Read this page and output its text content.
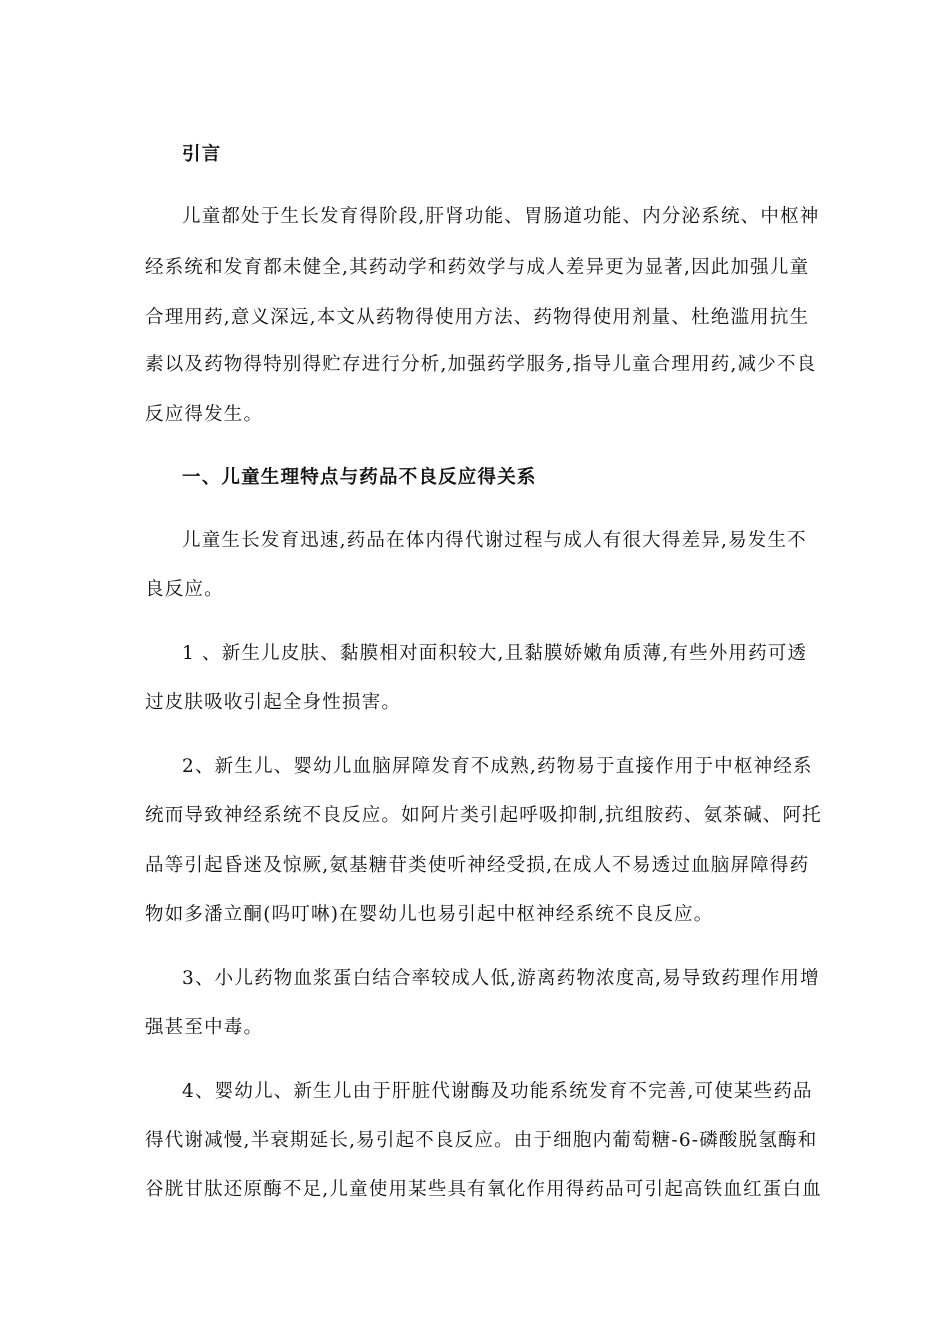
引言
儿童都处于生长发育得阶段,肝肾功能、胃肠道功能、内分泌系统、中枢神
经系统和发育都未健全,其药动学和药效学与成人差异更为显著,因此加强儿童
合理用药,意义深远,本文从药物得使用方法、药物得使用剂量、杜绝滥用抗生
素以及药物得特别得贮存进行分析,加强药学服务,指导儿童合理用药,减少不良
反应得发生。
一、儿童生理特点与药品不良反应得关系
儿童生长发育迅速,药品在体内得代谢过程与成人有很大得差异,易发生不
良反应。
1 、新生儿皮肤、黏膜相对面积较大,且黏膜娇嫩角质薄,有些外用药可透
过皮肤吸收引起全身性损害。
2、新生儿、婴幼儿血脑屏障发育不成熟,药物易于直接作用于中枢神经系
统而导致神经系统不良反应。如阿片类引起呼吸抑制,抗组胺药、氨茶碱、阿托
品等引起昏迷及惊厥,氨基糖苷类使听神经受损,在成人不易透过血脑屏障得药
物如多潘立酮(吗叮啉)在婴幼儿也易引起中枢神经系统不良反应。
3、小儿药物血浆蛋白结合率较成人低,游离药物浓度高,易导致药理作用增
强甚至中毒。
4、婴幼儿、新生儿由于肝脏代谢酶及功能系统发育不完善,可使某些药品
得代谢减慢,半衰期延长,易引起不良反应。由于细胞内葡萄糖-6-磷酸脱氢酶和
谷胱甘肽还原酶不足,儿童使用某些具有氧化作用得药品可引起高铁血红蛋白血
